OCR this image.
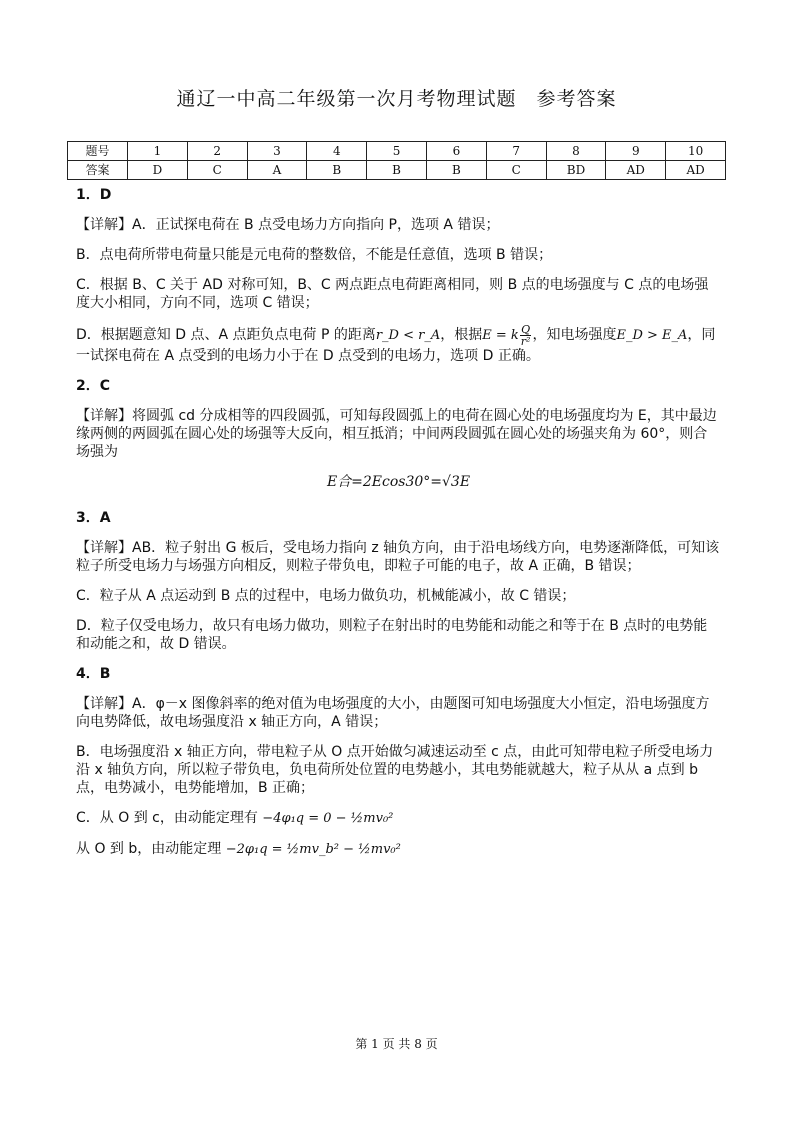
通辽一中高二年级第一次月考物理试题　参考答案
题号	1	2	3	4	5	6	7	8	9	10
答案	D	C	A	B	B	B	C	BD	AD	AD

1．D

【详解】A．正试探电荷在 B 点受电场力方向指向 P，选项 A 错误；

B．点电荷所带电荷量只能是元电荷的整数倍，不能是任意值，选项 B 错误；

C．根据 B、C 关于 AD 对称可知，B、C 两点距点电荷距离相同，则 B 点的电场强度与 C 点的电场强度大小相同，方向不同，选项 C 错误；

D．根据题意知 D 点、A 点距负点电荷 P 的距离r_D < r_A，根据E = k $\frac{Q}{\text{r²}}$ ，知电场强度E_D > E_A，同一试探电荷在 A 点受到的电场力小于在 D 点受到的电场力，选项 D 正确。

2．C

【详解】将圆弧 cd 分成相等的四段圆弧，可知每段圆弧上的电荷在圆心处的电场强度均为 E，其中最边缘两侧的两圆弧在圆心处的场强等大反向，相互抵消；中间两段圆弧在圆心处的场强夹角为 60°，则合场强为

E合=2Ecos30°=√3E

3．A

【详解】AB．粒子射出 G 板后，受电场力指向 z 轴负方向，由于沿电场线方向，电势逐渐降低，可知该粒子所受电场力与场强方向相反，则粒子带负电，即粒子可能的电子，故 A 正确，B 错误；

C．粒子从 A 点运动到 B 点的过程中，电场力做负功，机械能减小，故 C 错误；

D．粒子仅受电场力，故只有电场力做功，则粒子在射出时的电势能和动能之和等于在 B 点时的电势能和动能之和，故 D 错误。

4．B

【详解】A．φ－x 图像斜率的绝对值为电场强度的大小，由题图可知电场强度大小恒定，沿电场强度方向电势降低，故电场强度沿 x 轴正方向，A 错误；

B．电场强度沿 x 轴正方向，带电粒子从 O 点开始做匀减速运动至 c 点，由此可知带电粒子所受电场力沿 x 轴负方向，所以粒子带负电，负电荷所处位置的电势越小，其电势能就越大，粒子从从 a 点到 b 点，电势减小，电势能增加，B 正确；

C．从 O 到 c，由动能定理有 −4φ₁q = 0 − ½mv₀²

从 O 到 b，由动能定理 −2φ₁q = ½mv_b² − ½mv₀²

第 1 页 共 8 页
